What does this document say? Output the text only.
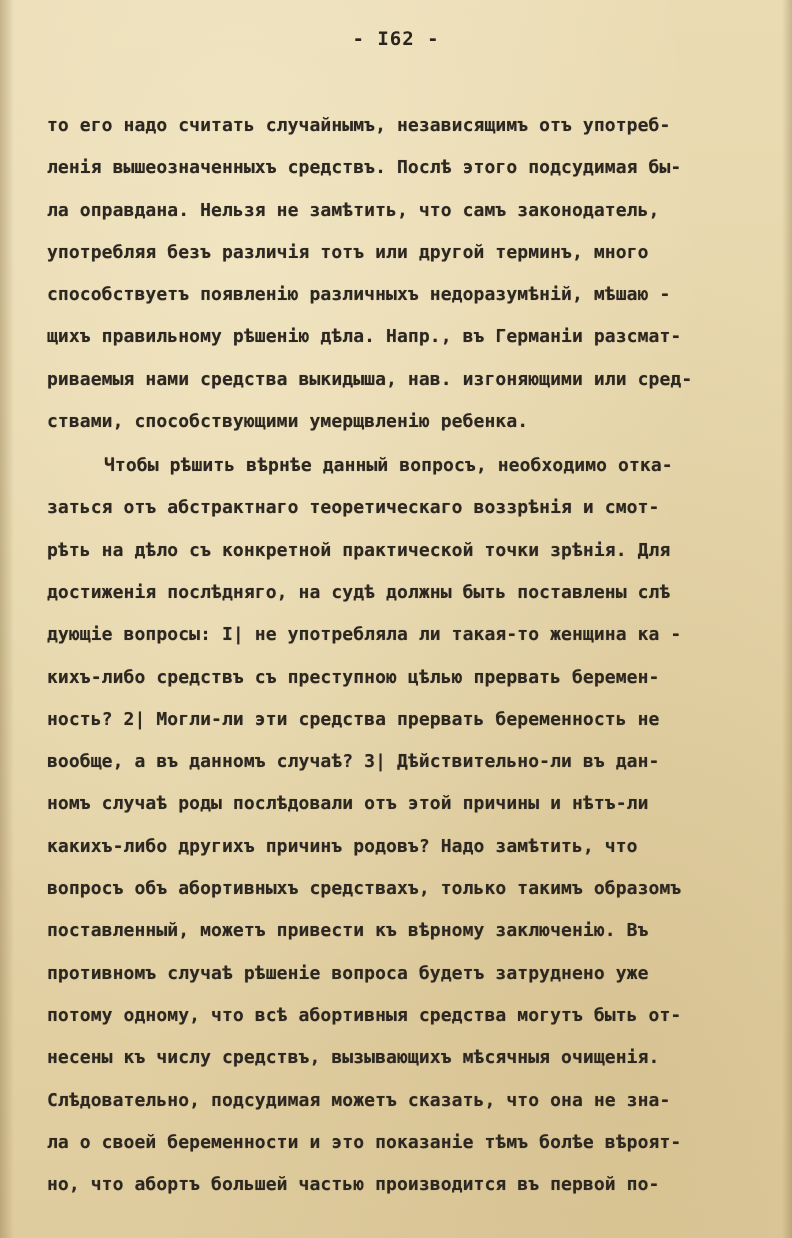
- I62 -
то его надо считать случайнымъ, независящимъ отъ употреб-
ленія вышеозначенныхъ средствъ. Послѣ этого подсудимая бы-
ла оправдана. Нельзя не замѣтить, что самъ законодатель,
употребляя безъ различія тотъ или другой терминъ, много
способствуетъ появленію различныхъ недоразумѣній, мѣшаю -
щихъ правильному рѣшенію дѣла. Напр., въ Германіи разсмат-
риваемыя нами средства выкидыша, нав. изгоняющими или сред-
ствами, способствующими умерщвленію ребенка.
Чтобы рѣшить вѣрнѣе данный вопросъ, необходимо отка-
заться отъ абстрактнаго теоретическаго воззрѣнія и смот-
рѣть на дѣло съ конкретной практической точки зрѣнія. Для
достиженія послѣдняго, на судѣ должны быть поставлены слѣ
дующіе вопросы: I| не употребляла ли такая-то женщина ка -
кихъ-либо средствъ съ преступною цѣлью прервать беремен-
ность? 2| Могли-ли эти средства прервать беременность не
вообще, а въ данномъ случаѣ? 3| Дѣйствительно-ли въ дан-
номъ случаѣ роды послѣдовали отъ этой причины и нѣтъ-ли
какихъ-либо другихъ причинъ родовъ? Надо замѣтить, что
вопросъ объ абортивныхъ средствахъ, только такимъ образомъ
поставленный, можетъ привести къ вѣрному заключенію. Въ
противномъ случаѣ рѣшеніе вопроса будетъ затруднено уже
потому одному, что всѣ абортивныя средства могутъ быть от-
несены къ числу средствъ, вызывающихъ мѣсячныя очищенія.
Слѣдовательно, подсудимая можетъ сказать, что она не зна-
ла о своей беременности и это показаніе тѣмъ болѣе вѣроят-
но, что абортъ большей частью производится въ первой по-
